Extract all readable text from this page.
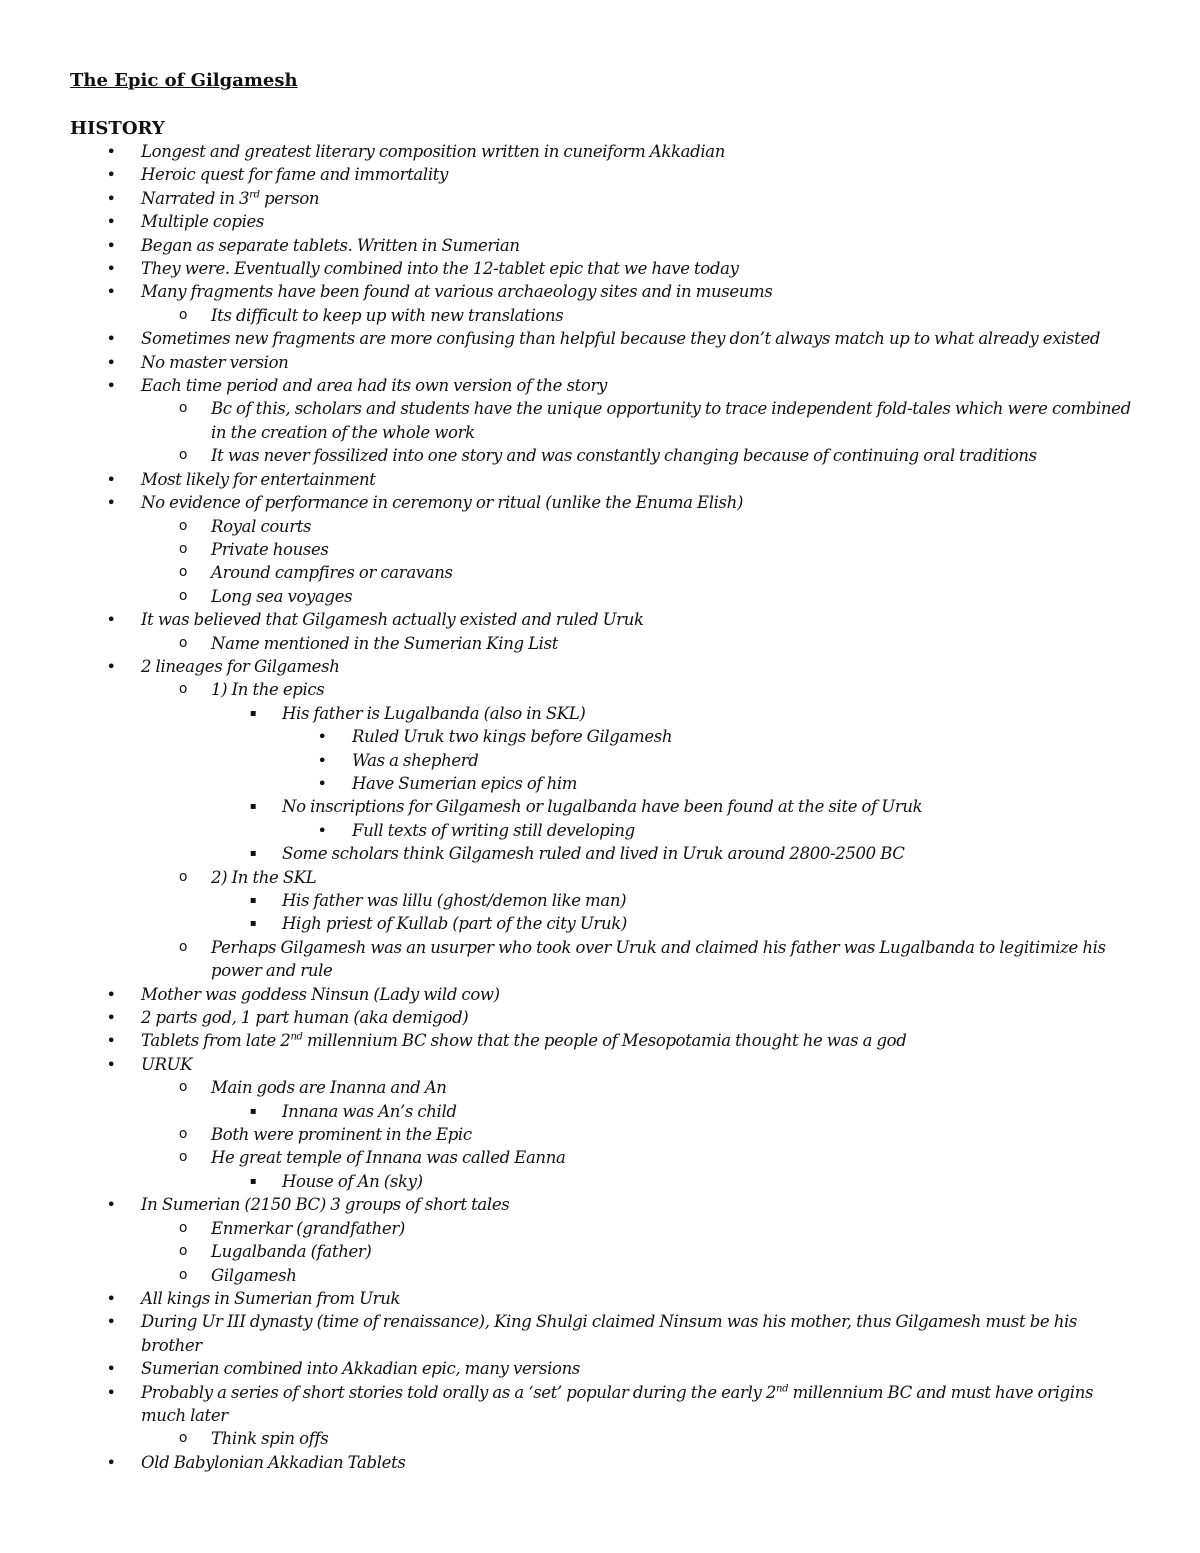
The Epic of Gilgamesh
HISTORY
• Longest and greatest literary composition written in cuneiform Akkadian
• Heroic quest for fame and immortality
• Narrated in 3rd person
• Multiple copies
• Began as separate tablets. Written in Sumerian
• They were. Eventually combined into the 12-tablet epic that we have today
• Many fragments have been found at various archaeology sites and in museums
o Its difficult to keep up with new translations
• Sometimes new fragments are more confusing than helpful because they don’t always match up to what already existed
• No master version
• Each time period and area had its own version of the story
o Bc of this, scholars and students have the unique opportunity to trace independent fold-tales which were combined in the creation of the whole work
o It was never fossilized into one story and was constantly changing because of continuing oral traditions
• Most likely for entertainment
• No evidence of performance in ceremony or ritual (unlike the Enuma Elish)
o Royal courts
o Private houses
o Around campfires or caravans
o Long sea voyages
• It was believed that Gilgamesh actually existed and ruled Uruk
o Name mentioned in the Sumerian King List
• 2 lineages for Gilgamesh
o 1) In the epics
▪ His father is Lugalbanda (also in SKL)
• Ruled Uruk two kings before Gilgamesh
• Was a shepherd
• Have Sumerian epics of him
▪ No inscriptions for Gilgamesh or lugalbanda have been found at the site of Uruk
• Full texts of writing still developing
▪ Some scholars think Gilgamesh ruled and lived in Uruk around 2800-2500 BC
o 2) In the SKL
▪ His father was lillu (ghost/demon like man)
▪ High priest of Kullab (part of the city Uruk)
o Perhaps Gilgamesh was an usurper who took over Uruk and claimed his father was Lugalbanda to legitimize his power and rule
• Mother was goddess Ninsun (Lady wild cow)
• 2 parts god, 1 part human (aka demigod)
• Tablets from late 2nd millennium BC show that the people of Mesopotamia thought he was a god
• URUK
o Main gods are Inanna and An
▪ Innana was An’s child
o Both were prominent in the Epic
o He great temple of Innana was called Eanna
▪ House of An (sky)
• In Sumerian (2150 BC) 3 groups of short tales
o Enmerkar (grandfather)
o Lugalbanda (father)
o Gilgamesh
• All kings in Sumerian from Uruk
• During Ur III dynasty (time of renaissance), King Shulgi claimed Ninsum was his mother, thus Gilgamesh must be his brother
• Sumerian combined into Akkadian epic, many versions
• Probably a series of short stories told orally as a ‘set’ popular during the early 2nd millennium BC and must have origins much later
o Think spin offs
• Old Babylonian Akkadian Tablets
